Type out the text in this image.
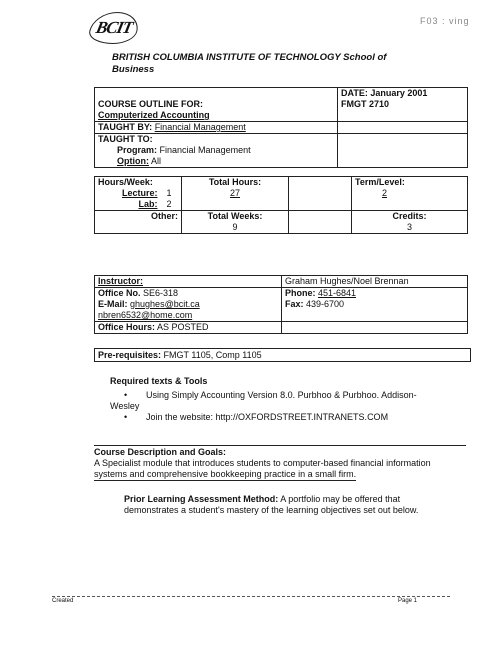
BCIT	F03 : ving
BRITISH COLUMBIA INSTITUTE OF TECHNOLOGY School of Business
	DATE: January 2001
COURSE OUTLINE FOR:	FMGT 2710
Computerized Accounting	
TAUGHT BY: Financial Management	
TAUGHT TO:	
Program: Financial Management	
Option: All	
Hours/Week:	Total Hours:		Term/Level:
Lecture: 1	27		2
Lab: 2			
Other:	Total Weeks:		Credits:
	9		3
Instructor:	Graham Hughes/Noel Brennan
Office No. SE6-318	Phone: 451-6841
E-Mail: ghughes@bcit.ca	Fax: 439-6700
nbren6532@home.com	
Office Hours: AS POSTED	
Pre-requisites: FMGT 1105, Comp 1105
Required texts & Tools
•	Using Simply Accounting Version 8.0. Purbhoo & Purbhoo. Addison-Wesley
• Join the website: http://OXFORDSTREET.INTRANETS.COM
Course Description and Goals:
A Specialist module that introduces students to computer-based financial information
systems and comprehensive bookkeeping practice in a small firm.
Prior Learning Assessment Method: A portfolio may be offered that demonstrates a student's mastery of the learning objectives set out below.
Created	Page 1
